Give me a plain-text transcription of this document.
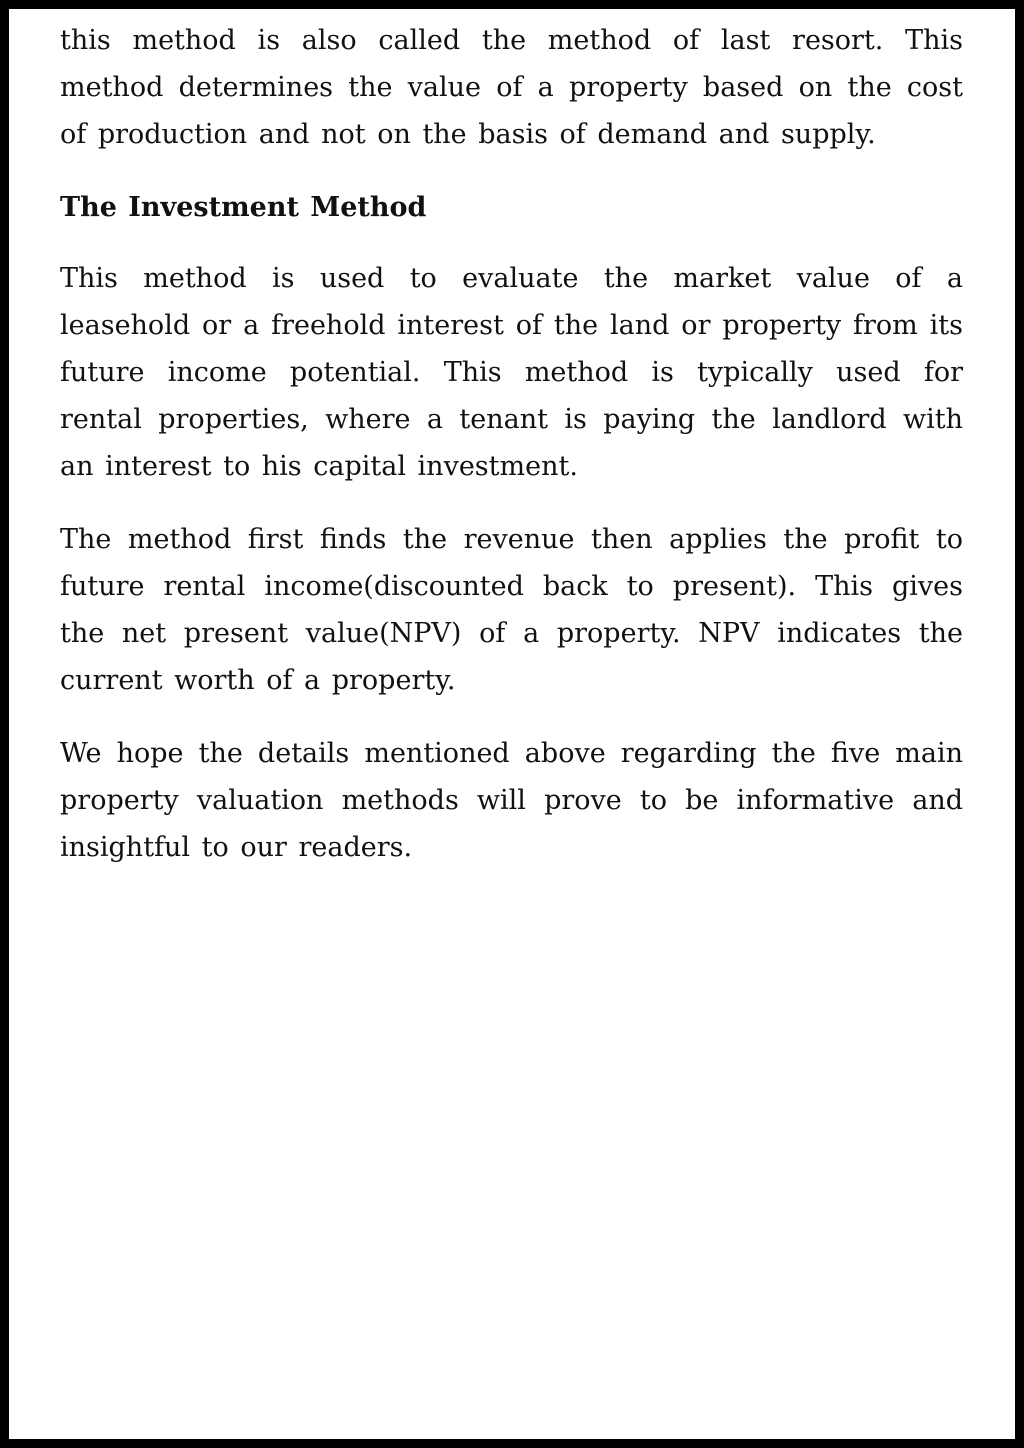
this method is also called the method of last resort. This method determines the value of a property based on the cost of production and not on the basis of demand and supply.

The Investment Method

This method is used to evaluate the market value of a leasehold or a freehold interest of the land or property from its future income potential. This method is typically used for rental properties, where a tenant is paying the landlord with an interest to his capital investment.

The method first finds the revenue then applies the profit to future rental income(discounted back to present). This gives the net present value(NPV) of a property. NPV indicates the current worth of a property.

We hope the details mentioned above regarding the five main property valuation methods will prove to be informative and insightful to our readers.
